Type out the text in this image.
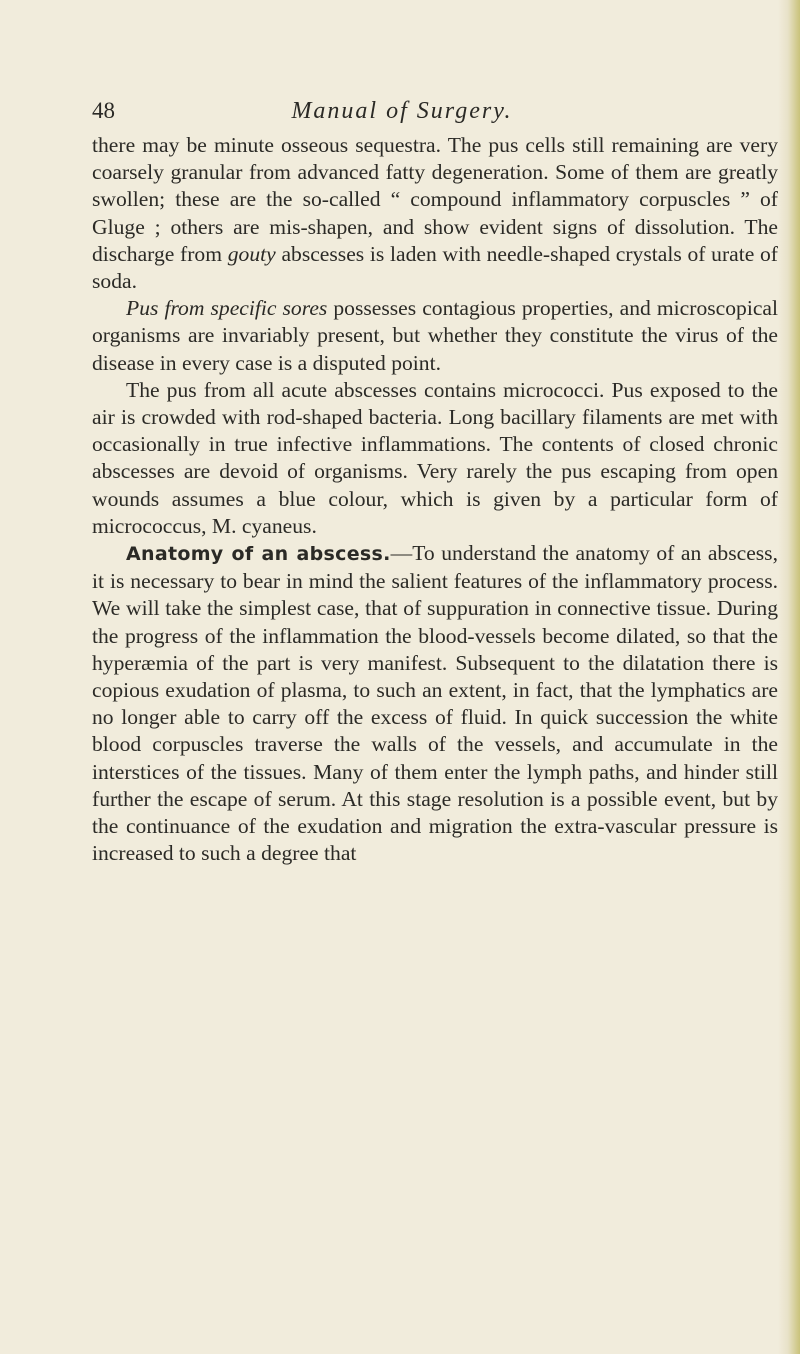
48	Manual of Surgery.

there may be minute osseous sequestra. The pus cells still remaining are very coarsely granular from advanced fatty degeneration. Some of them are greatly swollen; these are the so-called “ compound inflammatory corpuscles ” of Gluge ; others are mis-shapen, and show evident signs of dissolution. The discharge from gouty abscesses is laden with needle-shaped crystals of urate of soda.

Pus from specific sores possesses contagious properties, and microscopical organisms are invariably present, but whether they constitute the virus of the disease in every case is a disputed point.

The pus from all acute abscesses contains micrococci. Pus exposed to the air is crowded with rod-shaped bacteria. Long bacillary filaments are met with occasionally in true infective inflammations. The contents of closed chronic abscesses are devoid of organisms. Very rarely the pus escaping from open wounds assumes a blue colour, which is given by a particular form of micrococcus, M. cyaneus.

Anatomy of an abscess.—To understand the anatomy of an abscess, it is necessary to bear in mind the salient features of the inflammatory process. We will take the simplest case, that of suppuration in connective tissue. During the progress of the inflammation the blood-vessels become dilated, so that the hyperæmia of the part is very manifest. Subsequent to the dilatation there is copious exudation of plasma, to such an extent, in fact, that the lymphatics are no longer able to carry off the excess of fluid. In quick succession the white blood corpuscles traverse the walls of the vessels, and accumulate in the interstices of the tissues. Many of them enter the lymph paths, and hinder still further the escape of serum. At this stage resolution is a possible event, but by the continuance of the exudation and migration the extra-vascular pressure is increased to such a degree that
